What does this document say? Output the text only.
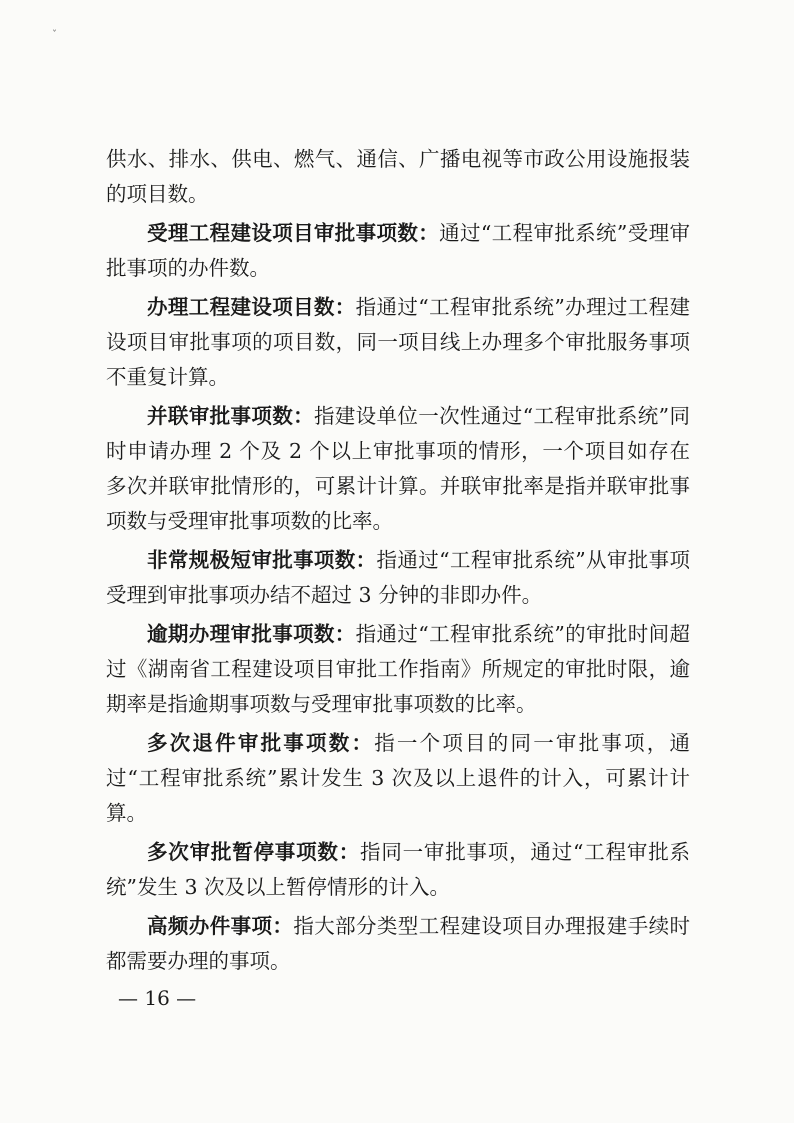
ˇ

供水、排水、供电、燃气、通信、广播电视等市政公用设施报装的项目数。

受理工程建设项目审批事项数：通过“工程审批系统”受理审批事项的办件数。

办理工程建设项目数：指通过“工程审批系统”办理过工程建设项目审批事项的项目数，同一项目线上办理多个审批服务事项不重复计算。

并联审批事项数：指建设单位一次性通过“工程审批系统”同时申请办理 2 个及 2 个以上审批事项的情形，一个项目如存在多次并联审批情形的，可累计计算。并联审批率是指并联审批事项数与受理审批事项数的比率。

非常规极短审批事项数：指通过“工程审批系统”从审批事项受理到审批事项办结不超过 3 分钟的非即办件。

逾期办理审批事项数：指通过“工程审批系统”的审批时间超过《湖南省工程建设项目审批工作指南》所规定的审批时限，逾期率是指逾期事项数与受理审批事项数的比率。

多次退件审批事项数：指一个项目的同一审批事项，通过“工程审批系统”累计发生 3 次及以上退件的计入，可累计计算。

多次审批暂停事项数：指同一审批事项，通过“工程审批系统”发生 3 次及以上暂停情形的计入。

高频办件事项：指大部分类型工程建设项目办理报建手续时都需要办理的事项。

— 16 —
